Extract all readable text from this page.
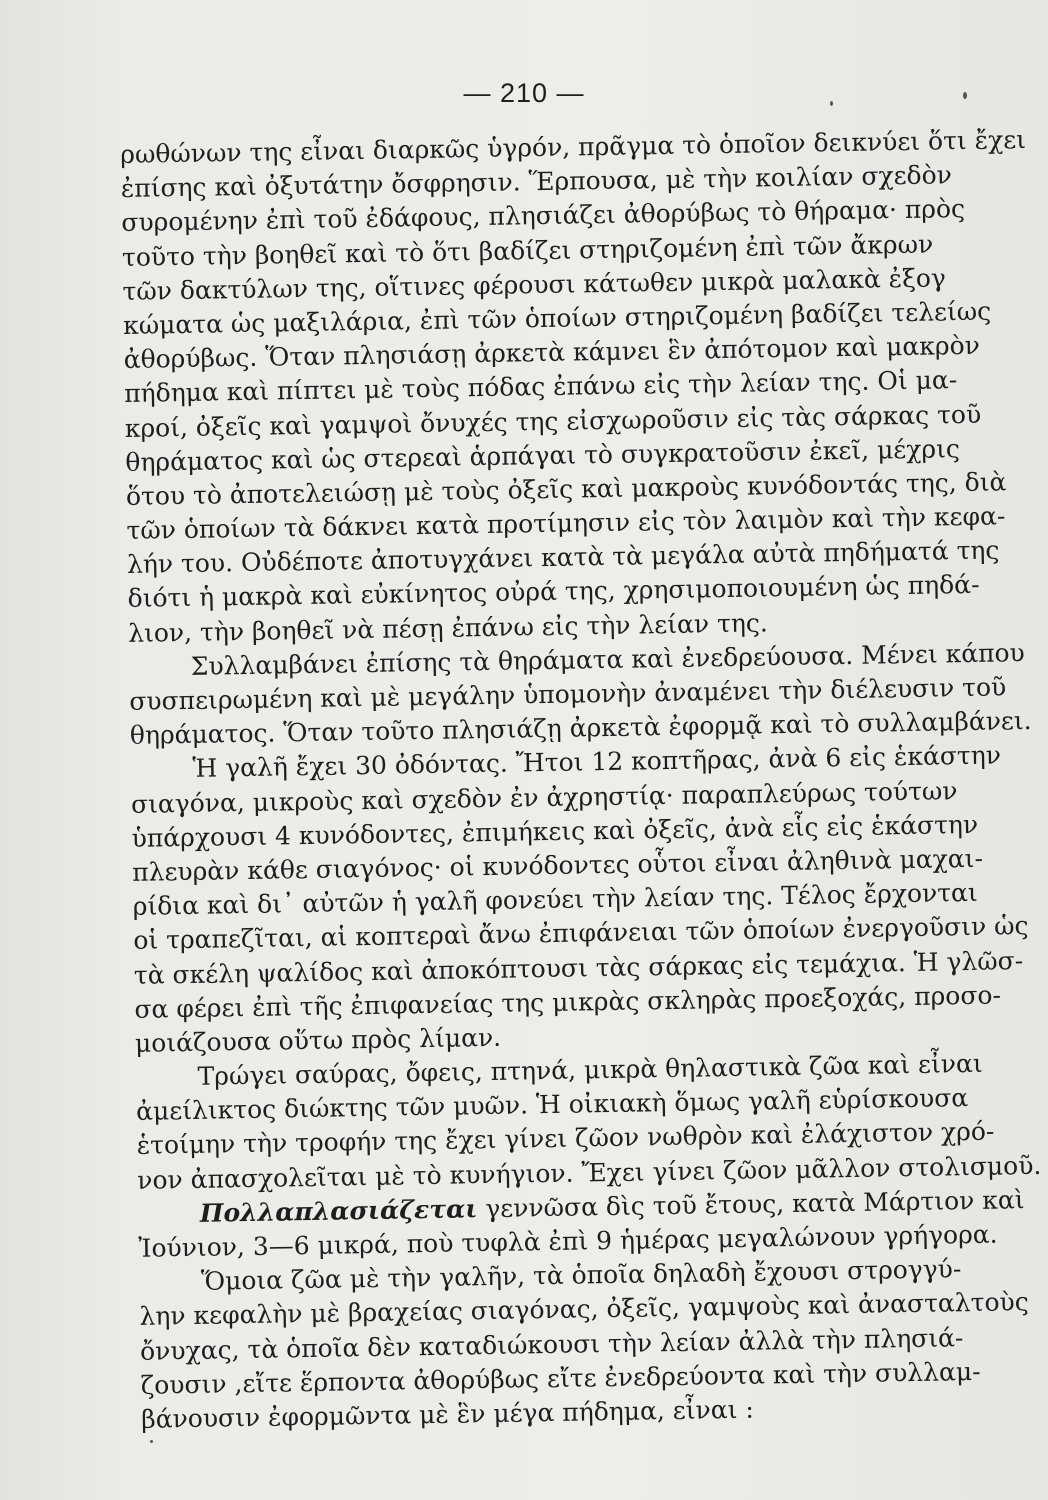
— 210 —
ρωθώνων της εἶναι διαρκῶς ὑγρόν, πρᾶγμα τὸ ὁποῖον δεικνύει ὅτι ἔχει
ἐπίσης καὶ ὀξυτάτην ὄσφρησιν. Ἕρπουσα, μὲ τὴν κοιλίαν σχεδὸν
συρομένην ἐπὶ τοῦ ἐδάφους, πλησιάζει ἀθορύβως τὸ θήραμα· πρὸς
τοῦτο τὴν βοηθεῖ καὶ τὸ ὅτι βαδίζει στηριζομένη ἐπὶ τῶν ἄκρων
τῶν δακτύλων της, οἵτινες φέρουσι κάτωθεν μικρὰ μαλακὰ ἐξογ
κώματα ὡς μαξιλάρια, ἐπὶ τῶν ὁποίων στηριζομένη βαδίζει τελείως
ἀθορύβως. Ὅταν πλησιάσῃ ἀρκετὰ κάμνει ἓν ἀπότομον καὶ μακρὸν
πήδημα καὶ πίπτει μὲ τοὺς πόδας ἐπάνω εἰς τὴν λείαν της. Οἱ μα-
κροί, ὀξεῖς καὶ γαμψοὶ ὄνυχές της εἰσχωροῦσιν εἰς τὰς σάρκας τοῦ
θηράματος καὶ ὡς στερεαὶ ἁρπάγαι τὸ συγκρατοῦσιν ἐκεῖ, μέχρις
ὅτου τὸ ἀποτελειώσῃ μὲ τοὺς ὀξεῖς καὶ μακροὺς κυνόδοντάς της, διὰ
τῶν ὁποίων τὰ δάκνει κατὰ προτίμησιν εἰς τὸν λαιμὸν καὶ τὴν κεφα-
λήν του. Οὐδέποτε ἀποτυγχάνει κατὰ τὰ μεγάλα αὐτὰ πηδήματά της
διότι ἡ μακρὰ καὶ εὐκίνητος οὐρά της, χρησιμοποιουμένη ὡς πηδά-
λιον, τὴν βοηθεῖ νὰ πέσῃ ἐπάνω εἰς τὴν λείαν της.
Συλλαμβάνει ἐπίσης τὰ θηράματα καὶ ἐνεδρεύουσα. Μένει κάπου
συσπειρωμένη καὶ μὲ μεγάλην ὑπομονὴν ἀναμένει τὴν διέλευσιν τοῦ
θηράματος. Ὅταν τοῦτο πλησιάζῃ ἀρκετὰ ἐφορμᾷ καὶ τὸ συλλαμβάνει.
Ἡ γαλῆ ἔχει 30 ὀδόντας. Ἤτοι 12 κοπτῆρας, ἀνὰ 6 εἰς ἑκάστην
σιαγόνα, μικροὺς καὶ σχεδὸν ἐν ἀχρηστίᾳ· παραπλεύρως τούτων
ὑπάρχουσι 4 κυνόδοντες, ἐπιμήκεις καὶ ὀξεῖς, ἀνὰ εἷς εἰς ἑκάστην
πλευρὰν κάθε σιαγόνος· οἱ κυνόδοντες οὗτοι εἶναι ἀληθινὰ μαχαι-
ρίδια καὶ δι᾽ αὐτῶν ἡ γαλῆ φονεύει τὴν λείαν της. Τέλος ἔρχονται
οἱ τραπεζῖται, αἱ κοπτεραὶ ἄνω ἐπιφάνειαι τῶν ὁποίων ἐνεργοῦσιν ὡς
τὰ σκέλη ψαλίδος καὶ ἀποκόπτουσι τὰς σάρκας εἰς τεμάχια. Ἡ γλῶσ-
σα φέρει ἐπὶ τῆς ἐπιφανείας της μικρὰς σκληρὰς προεξοχάς, προσο-
μοιάζουσα οὕτω πρὸς λίμαν.
Τρώγει σαύρας, ὄφεις, πτηνά, μικρὰ θηλαστικὰ ζῶα καὶ εἶναι
ἀμείλικτος διώκτης τῶν μυῶν. Ἡ οἰκιακὴ ὅμως γαλῆ εὑρίσκουσα
ἑτοίμην τὴν τροφήν της ἔχει γίνει ζῶον νωθρὸν καὶ ἐλάχιστον χρό-
νον ἀπασχολεῖται μὲ τὸ κυνήγιον. Ἔχει γίνει ζῶον μᾶλλον στολισμοῦ.
Πολλαπλασιάζεται γεννῶσα δὶς τοῦ ἔτους, κατὰ Μάρτιον καὶ
Ἰούνιον, 3—6 μικρά, ποὺ τυφλὰ ἐπὶ 9 ἡμέρας μεγαλώνουν γρήγορα.
Ὅμοια ζῶα μὲ τὴν γαλῆν, τὰ ὁποῖα δηλαδὴ ἔχουσι στρογγύ-
λην κεφαλὴν μὲ βραχείας σιαγόνας, ὀξεῖς, γαμψοὺς καὶ ἀνασταλτοὺς
ὄνυχας, τὰ ὁποῖα δὲν καταδιώκουσι τὴν λείαν ἀλλὰ τὴν πλησιά-
ζουσιν ,εἴτε ἕρποντα ἀθορύβως εἴτε ἐνεδρεύοντα καὶ τὴν συλλαμ-
βάνουσιν ἐφορμῶντα μὲ ἓν μέγα πήδημα, εἶναι :
